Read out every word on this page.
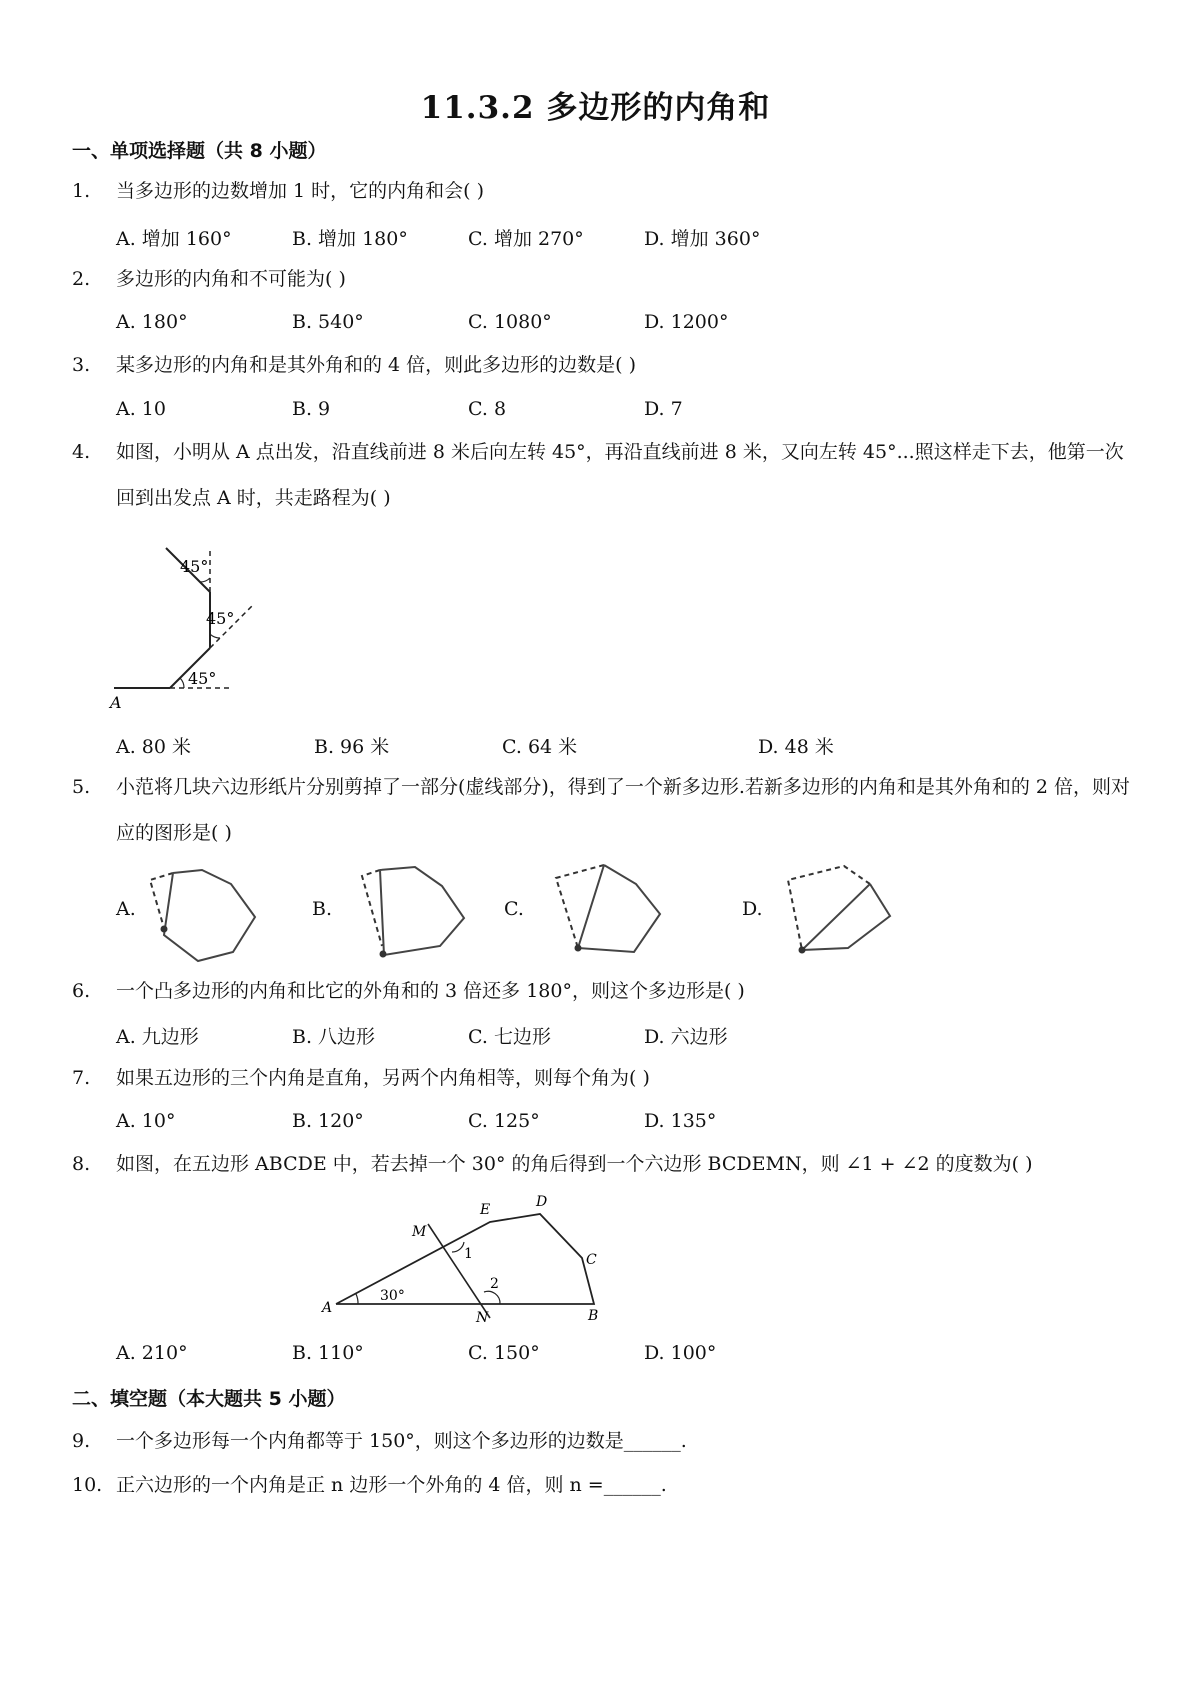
11.3.2 多边形的内角和
一、单项选择题（共 8 小题）
1.	当多边形的边数增加 1 时，它的内角和会( )
A. 增加 160°	B. 增加 180°	C. 增加 270°	D. 增加 360°
2.	多边形的内角和不可能为( )
A. 180°	B. 540°	C. 1080°	D. 1200°
3.	某多边形的内角和是其外角和的 4 倍，则此多边形的边数是( )
A. 10	B. 9	C. 8	D. 7
4.	如图，小明从 A 点出发，沿直线前进 8 米后向左转 45°，再沿直线前进 8 米，又向左转 45°...照这样走下去，他第一次回到出发点 A 时，共走路程为( )
45°
45°
45°
A
A. 80 米	B. 96 米	C. 64 米	D. 48 米
5.	小范将几块六边形纸片分别剪掉了一部分(虚线部分)，得到了一个新多边形.若新多边形的内角和是其外角和的 2 倍，则对应的图形是( )
A.	B.	C.	D.
6.	一个凸多边形的内角和比它的外角和的 3 倍还多 180°，则这个多边形是( )
A. 九边形	B. 八边形	C. 七边形	D. 六边形
7.	如果五边形的三个内角是直角，另两个内角相等，则每个角为( )
A. 10°	B. 120°	C. 125°	D. 135°
8.	如图，在五边形 ABCDE 中，若去掉一个 30° 的角后得到一个六边形 BCDEMN，则 ∠1 + ∠2 的度数为( )
30°
A	B
C
D
E
M
N
1
2
A. 210°	B. 110°	C. 150°	D. 100°
二、填空题（本大题共 5 小题）
9.	一个多边形每一个内角都等于 150°，则这个多边形的边数是______.
10. 正六边形的一个内角是正 n 边形一个外角的 4 倍，则 n =______.
